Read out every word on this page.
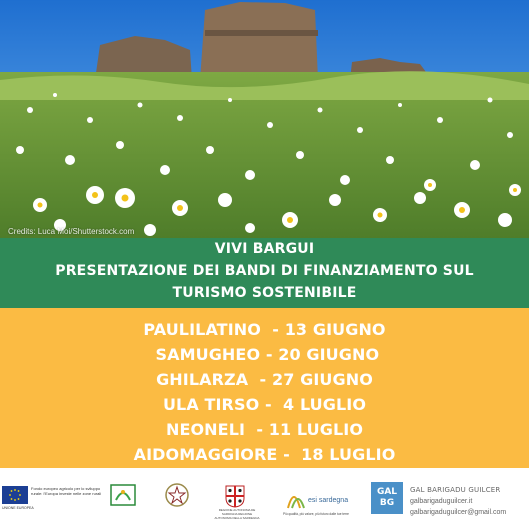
Credits: Luca Moi/Shutterstock.com
VIVI BARGUI
PRESENTAZIONE DEI BANDI DI FINANZIAMENTO SUL
TURISMO SOSTENIBILE
PAULILATINO  - 13 GIUGNO
SAMUGHEO - 20 GIUGNO
GHILARZA  - 27 GIUGNO
ULA TIRSO -  4 LUGLIO
NEONELI  - 11 LUGLIO
AIDOMAGGIORE -  18 LUGLIO
Fondo europeo agricolo per lo sviluppo rurale: l'Europa investe nelle zone rurali
UNIONE EUROPEA	REGIONE AUTONOMA DE SARDIGNA REGIONE AUTONOMA DELLA SARDEGNA
esi sardegna
Più qualità, più valore, più futuro dalle tue terre
GAL
BG
GAL BARIGADU GUILCER
galbarigaduguilcer.it
galbarigaduguilcer@gmail.com
